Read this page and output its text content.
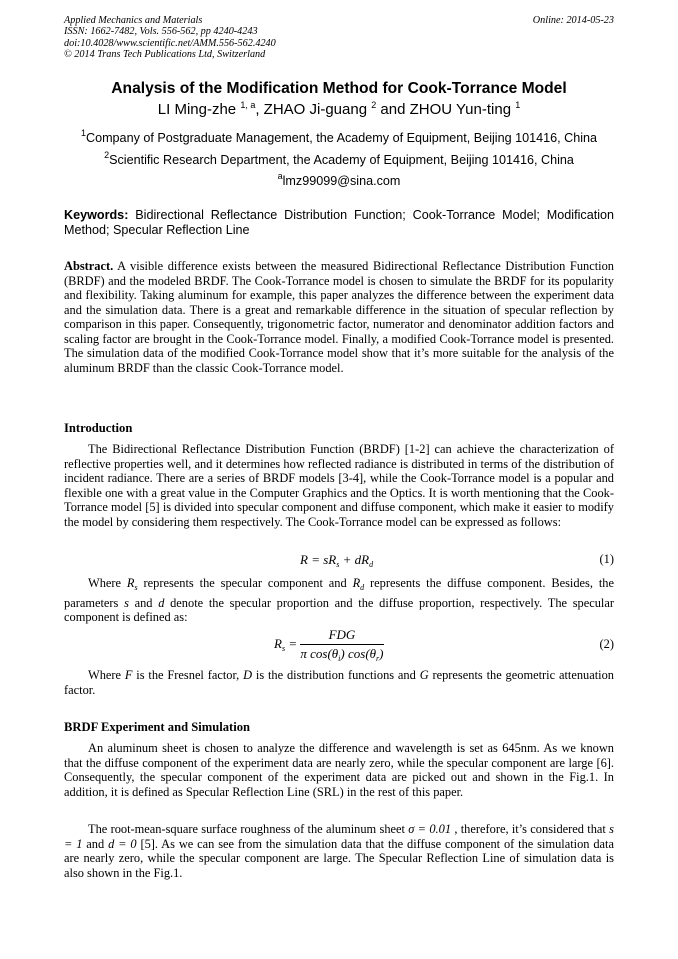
Applied Mechanics and Materials
ISSN: 1662-7482, Vols. 556-562, pp 4240-4243
doi:10.4028/www.scientific.net/AMM.556-562.4240
© 2014 Trans Tech Publications Ltd, Switzerland
Online: 2014-05-23
Analysis of the Modification Method for Cook-Torrance Model
LI Ming-zhe $^{1, a}$, ZHAO Ji-guang $^2$ and ZHOU Yun-ting $^1$
$^1$Company of Postgraduate Management, the Academy of Equipment, Beijing 101416, China
$^2$Scientific Research Department, the Academy of Equipment, Beijing 101416, China
$^a$lmz99099@sina.com
Keywords: Bidirectional Reflectance Distribution Function; Cook-Torrance Model; Modification Method; Specular Reflection Line
Abstract. A visible difference exists between the measured Bidirectional Reflectance Distribution Function (BRDF) and the modeled BRDF. The Cook-Torrance model is chosen to simulate the BRDF for its popularity and flexibility. Taking aluminum for example, this paper analyzes the difference between the experiment data and the simulation data. There is a great and remarkable difference in the situation of specular reflection by comparison in this paper. Consequently, trigonometric factor, numerator and denominator addition factors and scaling factor are brought in the Cook-Torrance model. Finally, a modified Cook-Torrance model is presented. The simulation data of the modified Cook-Torrance model show that it’s more suitable for the analysis of the aluminum BRDF than the classic Cook-Torrance model.
Introduction
The Bidirectional Reflectance Distribution Function (BRDF) [1-2] can achieve the characterization of reflective properties well, and it determines how reflected radiance is distributed in terms of the distribution of incident radiance. There are a series of BRDF models [3-4], while the Cook-Torrance model is a popular and flexible one with a great value in the Computer Graphics and the Optics. It is worth mentioning that the Cook-Torrance model [5] is divided into specular component and diffuse component, which make it easier to modify the model by considering them respectively. The Cook-Torrance model can be expressed as follows:
$R = sR_s + dR_d$	(1)
Where $R_s$ represents the specular component and $R_d$ represents the diffuse component. Besides, the parameters s and d denote the specular proportion and the diffuse proportion, respectively. The specular component is defined as:
$R_s = \frac{\text{FDG}}{\pi \cos(\theta_i) \cos(\theta_r)}$	(2)
Where F is the Fresnel factor, D is the distribution functions and G represents the geometric attenuation factor.
BRDF Experiment and Simulation
An aluminum sheet is chosen to analyze the difference and wavelength is set as 645nm. As we known that the diffuse component of the experiment data are nearly zero, while the specular component are large [6]. Consequently, the specular component of the experiment data are picked out and shown in the Fig.1. In addition, it is defined as Specular Reflection Line (SRL) in the rest of this paper.
The root-mean-square surface roughness of the aluminum sheet σ = 0.01 , therefore, it’s considered that s = 1 and d = 0 [5]. As we can see from the simulation data that the diffuse component of the simulation data are nearly zero, while the specular component are large. The Specular Reflection Line of simulation data is also shown in the Fig.1.
